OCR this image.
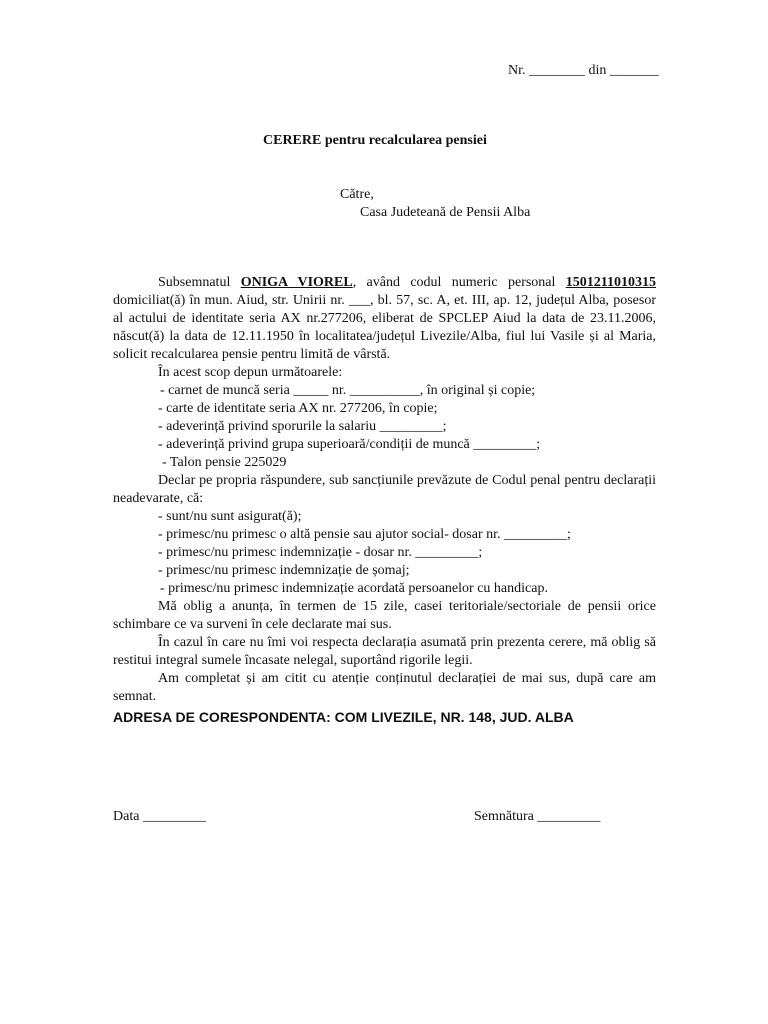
Nr. ________ din _______
CERERE pentru recalcularea pensiei
Către,
Casa Judeteană de Pensii Alba

Subsemnatul ONIGA VIOREL, având codul numeric personal 1501211010315 domiciliat(ă) în mun. Aiud, str. Unirii nr. ___, bl. 57, sc. A, et. III, ap. 12, județul Alba, posesor al actului de identitate seria AX nr.277206, eliberat de SPCLEP Aiud la data de 23.11.2006, născut(ă) la data de 12.11.1950 în localitatea/județul Livezile/Alba, fiul lui Vasile și al Maria, solicit recalcularea pensie pentru limită de vârstă.

În acest scop depun următoarele:

- carnet de muncă seria _____ nr. __________, în original și copie;

- carte de identitate seria AX nr. 277206, în copie;

- adeverință privind sporurile la salariu _________;

- adeverință privind grupa superioară/condiții de muncă _________;

- Talon pensie 225029

Declar pe propria răspundere, sub sancțiunile prevăzute de Codul penal pentru declarații neadevarate, că:

- sunt/nu sunt asigurat(ă);

- primesc/nu primesc o altă pensie sau ajutor social- dosar nr. _________;

- primesc/nu primesc indemnizație - dosar nr. _________;

- primesc/nu primesc indemnizație de șomaj;

- primesc/nu primesc indemnizație acordată persoanelor cu handicap.

Mă oblig a anunța, în termen de 15 zile, casei teritoriale/sectoriale de pensii orice schimbare ce va surveni în cele declarate mai sus.

În cazul în care nu îmi voi respecta declarația asumată prin prezenta cerere, mă oblig să restitui integral sumele încasate nelegal, suportând rigorile legii.

Am completat și am citit cu atenție conținutul declarației de mai sus, după care am semnat.

ADRESA DE CORESPONDENTA: COM LIVEZILE, NR. 148, JUD. ALBA

Data _________	Semnătura _________
